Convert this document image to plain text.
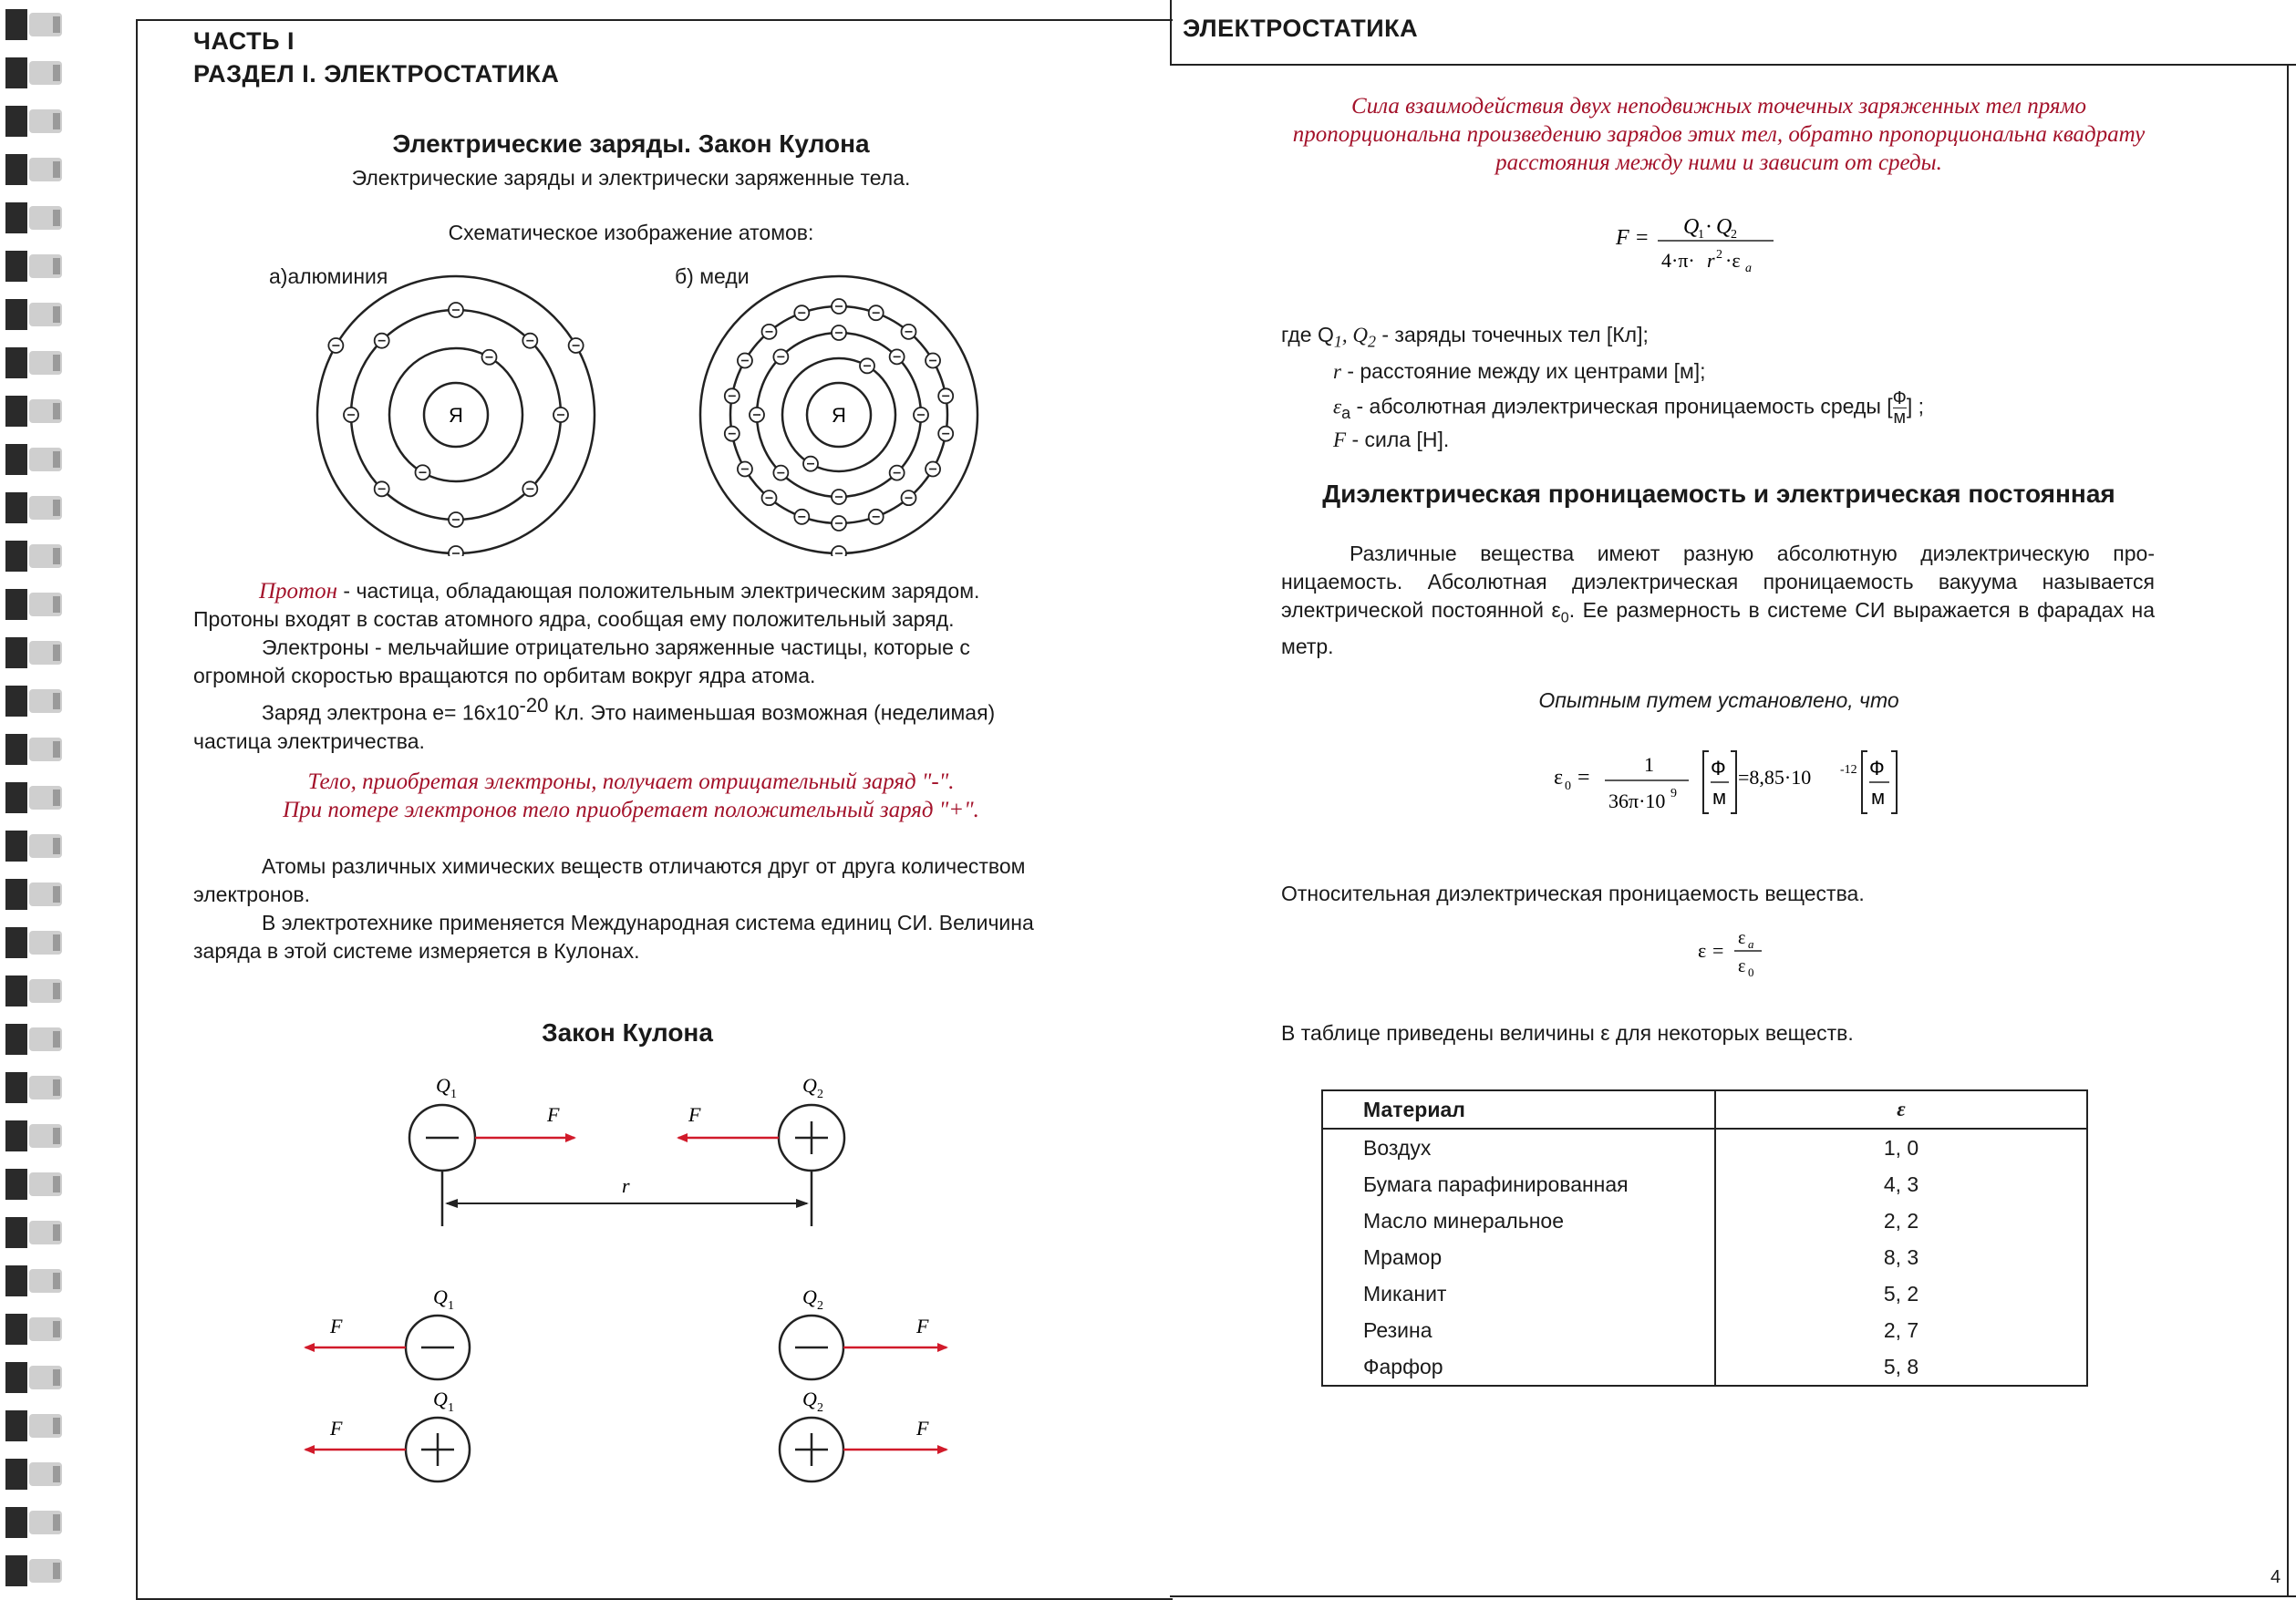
ЧАСТЬ I
РАЗДЕЛ I. ЭЛЕКТРОСТАТИКА
Электрические заряды. Закон Кулона
Электрические заряды и электрически заряженные тела.
Схематическое изображение атомов:
а)алюминия	б) меди
Я	Я
Протон - частица, обладающая положительным электрическим зарядом. Протоны входят в состав атомного ядра, сообщая ему положительный заряд.
Электроны - мельчайшие отрицательно заряженные частицы, которые с огромной скоростью вращаются по орбитам вокруг ядра атома.
Заряд электрона $e= 16x10^{-20}$ Кл. Это наименьшая возможная (неделимая) частица электричества.
Тело, приобретая электроны, получает отрицательный заряд "-".
При потере электронов тело приобретает положительный заряд "+".
Атомы различных химических веществ отличаются друг от друга количеством электронов.
В электротехнике применяется Международная система единиц СИ. Величина заряда в этой системе измеряется в Кулонах.
Закон Кулона
Q 1
F
Q 2
F
r
Q 1
F
Q 1
F
Q 2
F
Q 2
F
ЭЛЕКТРОСТАТИКА
Сила взаимодействия двух неподвижных точечных заряженных тел прямо пропорциональна произведению зарядов этих тел, обратно пропорциональна квадрату расстояния между ними и зависит от среды.
F = Q
1 · Q
2
4·π· r 2 ·ε a
где $Q_1$, $Q_2$ - заряды точечных тел [Кл];
r - расстояние между их центрами [м];
$\varepsilon_а$ - абсолютная диэлектрическая проницаемость среды [ Ф
м ] ;
F - сила [Н].
Диэлектрическая проницаемость и электрическая постоянная
Различные вещества имеют разную абсолютную диэлектрическую проницаемость. Абсолютная диэлектрическая проницаемость вакуума называется электрической постоянной $\varepsilon_0$. Ее размерность в системе СИ выражается в фарадах на метр.
Опытным путем установлено, что
ε 0 =
1
36π·10 9
Ф
м
=8,85·10 -12 Ф
м
Относительная диэлектрическая проницаемость вещества.
ε =
ε a
ε 0
В таблице приведены величины ε для некоторых веществ.
Материал	ε
Воздух	1, 0
Бумага парафинированная	4, 3
Масло минеральное	2, 2
Мрамор	8, 3
Миканит	5, 2
Резина	2, 7
Фарфор	5, 8
4
